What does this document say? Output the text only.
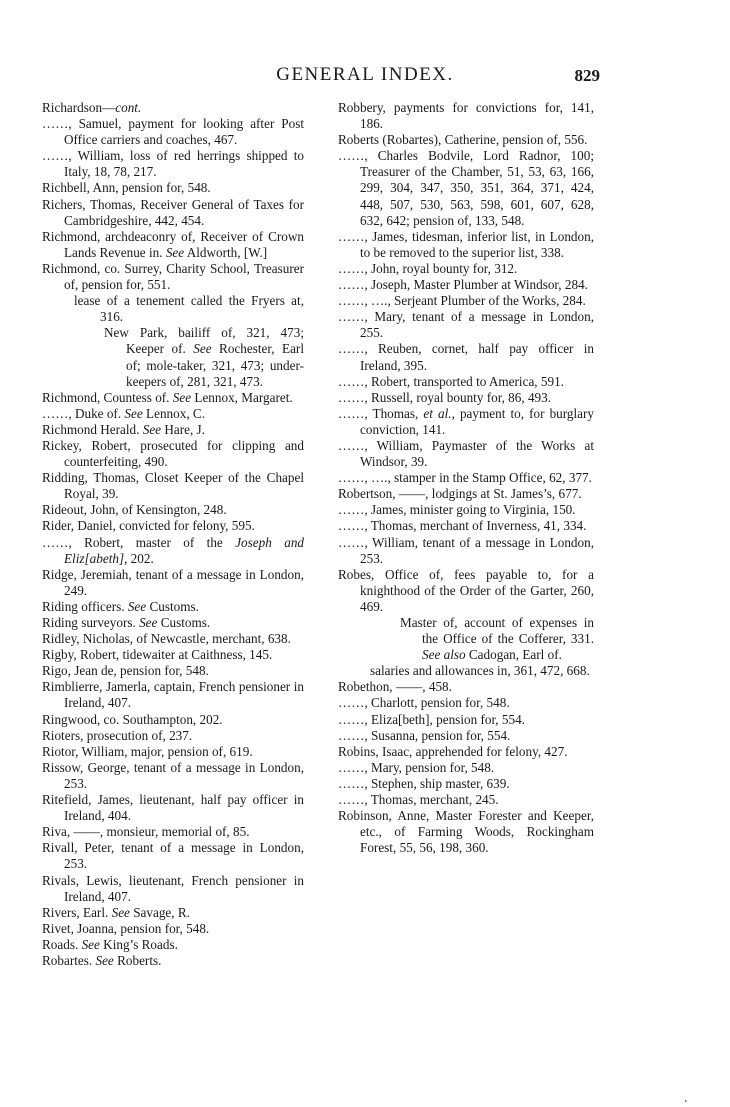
GENERAL INDEX.	829
Richardson—cont.
……, Samuel, payment for looking after Post Office carriers and coaches, 467.
……, William, loss of red herrings shipped to Italy, 18, 78, 217.
Richbell, Ann, pension for, 548.
Richers, Thomas, Receiver General of Taxes for Cambridgeshire, 442, 454.
Richmond, archdeaconry of, Receiver of Crown Lands Revenue in. See Aldworth, [W.]
Richmond, co. Surrey, Charity School, Treasurer of, pension for, 551.
lease of a tenement called the Fryers at, 316.
New Park, bailiff of, 321, 473; Keeper of. See Rochester, Earl of; mole-taker, 321, 473; under-keepers of, 281, 321, 473.
Richmond, Countess of. See Lennox, Margaret.
……, Duke of. See Lennox, C.
Richmond Herald. See Hare, J.
Rickey, Robert, prosecuted for clipping and counterfeiting, 490.
Ridding, Thomas, Closet Keeper of the Chapel Royal, 39.
Rideout, John, of Kensington, 248.
Rider, Daniel, convicted for felony, 595.
……, Robert, master of the Joseph and Eliz[abeth], 202.
Ridge, Jeremiah, tenant of a message in London, 249.
Riding officers. See Customs.
Riding surveyors. See Customs.
Ridley, Nicholas, of Newcastle, merchant, 638.
Rigby, Robert, tidewaiter at Caithness, 145.
Rigo, Jean de, pension for, 548.
Rimblierre, Jamerla, captain, French pensioner in Ireland, 407.
Ringwood, co. Southampton, 202.
Rioters, prosecution of, 237.
Riotor, William, major, pension of, 619.
Rissow, George, tenant of a message in London, 253.
Ritefield, James, lieutenant, half pay officer in Ireland, 404.
Riva, ——, monsieur, memorial of, 85.
Rivall, Peter, tenant of a message in London, 253.
Rivals, Lewis, lieutenant, French pensioner in Ireland, 407.
Rivers, Earl. See Savage, R.
Rivet, Joanna, pension for, 548.
Roads. See King’s Roads.
Robartes. See Roberts.
Robbery, payments for convictions for, 141, 186.
Roberts (Robartes), Catherine, pension of, 556.
……, Charles Bodvile, Lord Radnor, 100; Treasurer of the Chamber, 51, 53, 63, 166, 299, 304, 347, 350, 351, 364, 371, 424, 448, 507, 530, 563, 598, 601, 607, 628, 632, 642; pension of, 133, 548.
……, James, tidesman, inferior list, in London, to be removed to the superior list, 338.
……, John, royal bounty for, 312.
……, Joseph, Master Plumber at Windsor, 284.
……, …., Serjeant Plumber of the Works, 284.
……, Mary, tenant of a message in London, 255.
……, Reuben, cornet, half pay officer in Ireland, 395.
……, Robert, transported to America, 591.
……, Russell, royal bounty for, 86, 493.
……, Thomas, et al., payment to, for burglary conviction, 141.
……, William, Paymaster of the Works at Windsor, 39.
……, …., stamper in the Stamp Office, 62, 377.
Robertson, ——, lodgings at St. James’s, 677.
……, James, minister going to Virginia, 150.
……, Thomas, merchant of Inverness, 41, 334.
……, William, tenant of a message in London, 253.
Robes, Office of, fees payable to, for a knighthood of the Order of the Garter, 260, 469.
Master of, account of expenses in the Office of the Cofferer, 331. See also Cadogan, Earl of.
salaries and allowances in, 361, 472, 668.
Robethon, ——, 458.
……, Charlott, pension for, 548.
……, Eliza[beth], pension for, 554.
……, Susanna, pension for, 554.
Robins, Isaac, apprehended for felony, 427.
……, Mary, pension for, 548.
……, Stephen, ship master, 639.
……, Thomas, merchant, 245.
Robinson, Anne, Master Forester and Keeper, etc., of Farming Woods, Rockingham Forest, 55, 56, 198, 360.
˛
